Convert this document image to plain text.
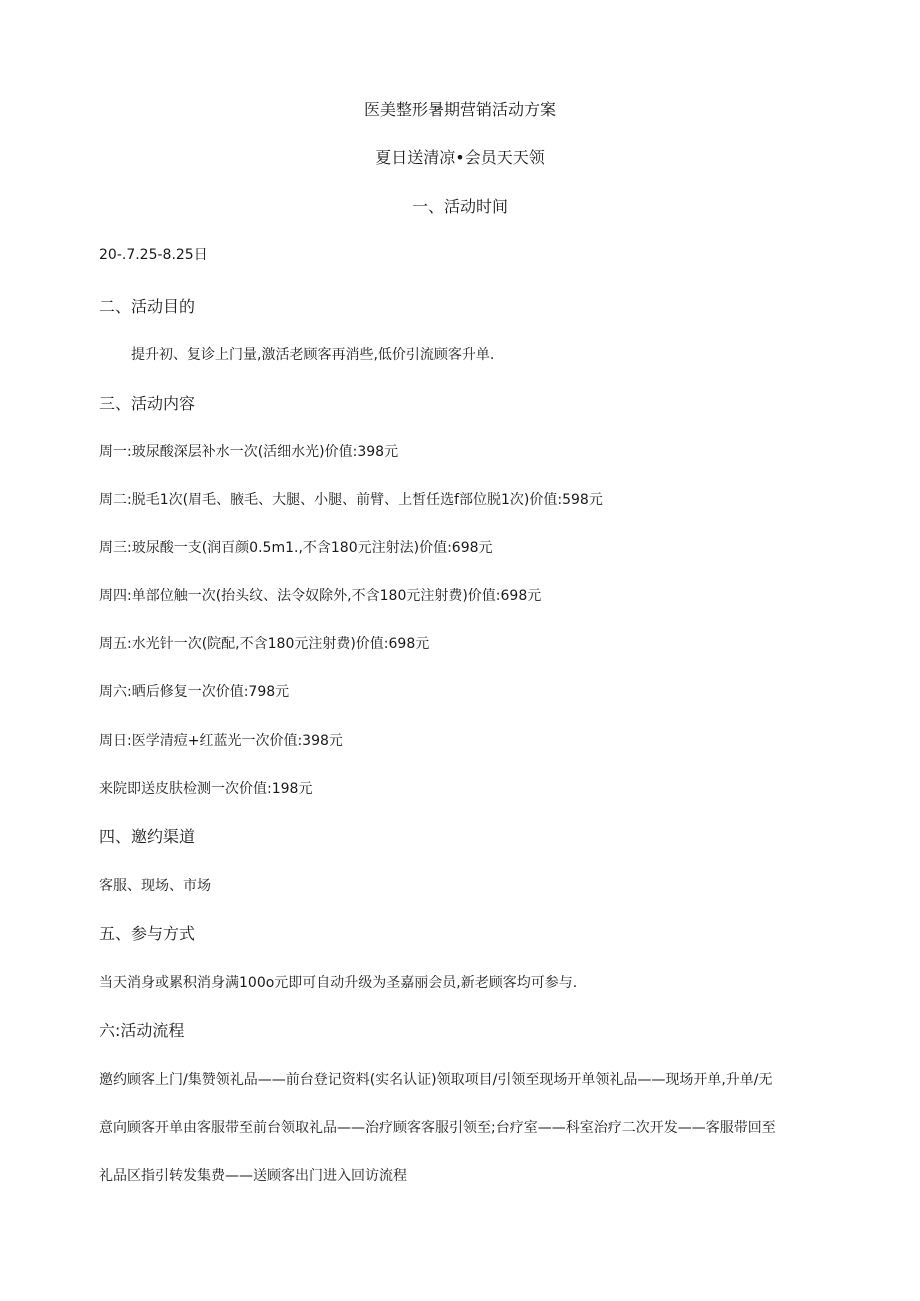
医美整形暑期营销活动方案
夏日送清凉•会员天天领
一、活动时间
20-.7.25-8.25日
二、活动目的
提升初、复诊上门量,激活老顾客再消些,低价引流顾客升单.
三、活动内容
周一:玻尿酸深层补水一次(活细水光)价值:398元
周二:脱毛1次(眉毛、腋毛、大腿、小腿、前臂、上皙任选f部位脱1次)价值:598元
周三:玻尿酸一支(润百颜0.5m1.,不含180元注射法)价值:698元
周四:单部位触一次(抬头纹、法令奴除外,不含180元注射费)价值:698元
周五:水光针一次(院配,不含180元注射费)价值:698元
周六:晒后修复一次价值:798元
周日:医学清痘+红蓝光一次价值:398元
来院即送皮肤检测一次价值:198元
四、邀约渠道
客服、现场、市场
五、参与方式
当天消身或累积消身满100o元即可自动升级为圣嘉丽会员,新老顾客均可参与.
六:活动流程
邀约顾客上门/集赞领礼品——前台登记资料(实名认证)领取项目/引领至现场开单领礼品——现场开单,升单/无
意向顾客开单由客服带至前台领取礼品——治疗顾客客服引领至;台疗室——科室治疗二次开发——客服带回至
礼品区指引转发集费——送顾客出门进入回访流程
